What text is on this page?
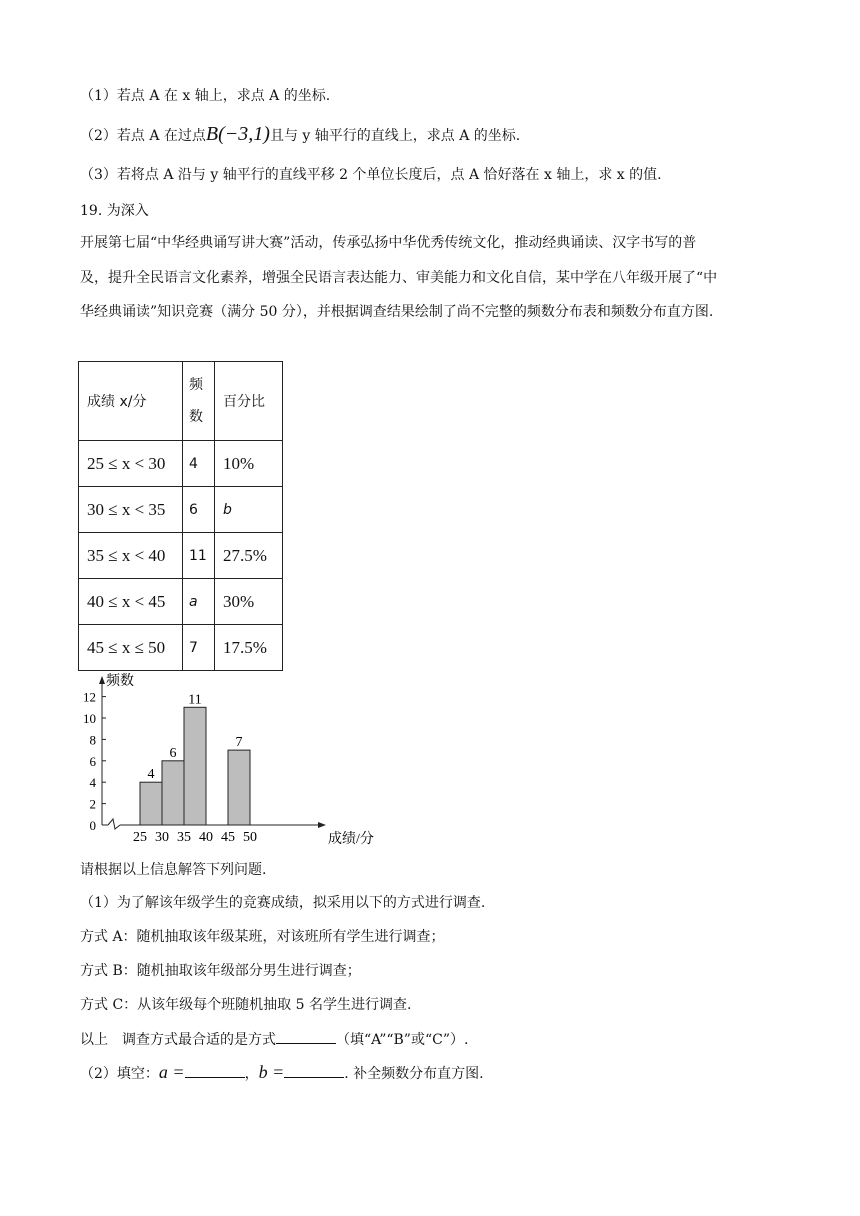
（1）若点 A 在 x 轴上，求点 A 的坐标.
（2）若点 A 在过点B(−3,1)且与 y 轴平行的直线上，求点 A 的坐标.
（3）若将点 A 沿与 y 轴平行的直线平移 2 个单位长度后，点 A 恰好落在 x 轴上，求 x 的值.
19. 为深入
开展第七届“中华经典诵写讲大赛”活动，传承弘扬中华优秀传统文化，推动经典诵读、汉字书写的普
及，提升全民语言文化素养，增强全民语言表达能力、审美能力和文化自信，某中学在八年级开展了“中
华经典诵读”知识竞赛（满分 50 分），并根据调查结果绘制了尚不完整的频数分布表和频数分布直方图.
成绩 x/分	频数	百分比
25 ≤ x < 30	4	10%
30 ≤ x < 35	6	b
35 ≤ x < 40	11	27.5%
40 ≤ x < 45	a	30%
45 ≤ x ≤ 50	7	17.5%
频数
0
2
4
6
8
10
12
成绩/分
25 30 35 40 45 50
4
6
11
7
请根据以上信息解答下列问题.
（1）为了解该年级学生的竞赛成绩，拟采用以下的方式进行调查.
方式 A：随机抽取该年级某班，对该班所有学生进行调查；
方式 B：随机抽取该年级部分男生进行调查；
方式 C：从该年级每个班随机抽取 5 名学生进行调查.
以上　调查方式最合适的是方式	（填“A”“B”或“C”）.
（2）填空：a =	，b =	. 补全频数分布直方图.
